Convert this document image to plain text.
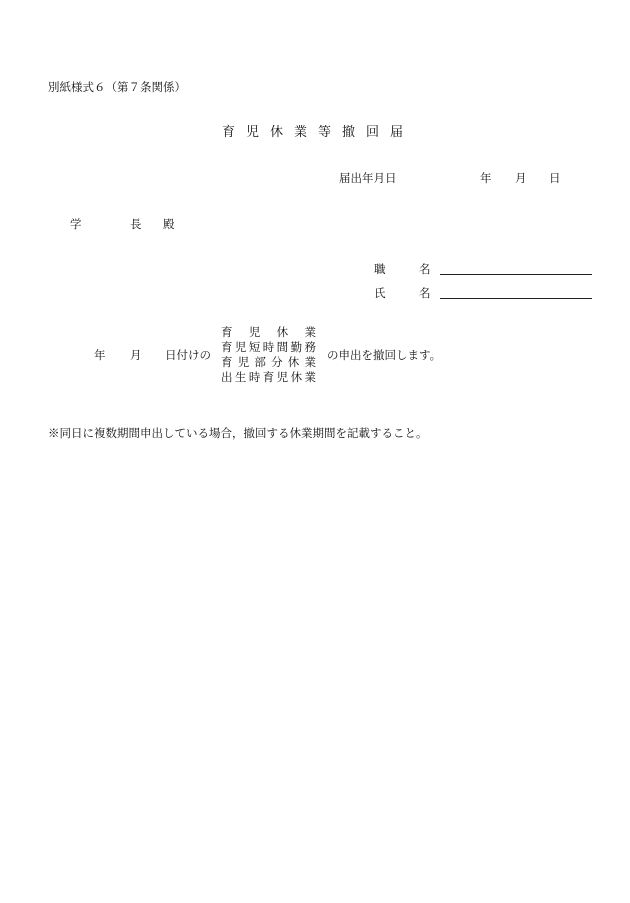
別紙様式６（第７条関係）
育児休業等撤回届
届出年月日	年 月 日
学	長 殿
職　名
氏　名
年 月 日付けの
育児休業
育児短時間勤務
育児部分休業
出生時育児休業
の申出を撤回します。
※同日に複数期間申出している場合，撤回する休業期間を記載すること。
